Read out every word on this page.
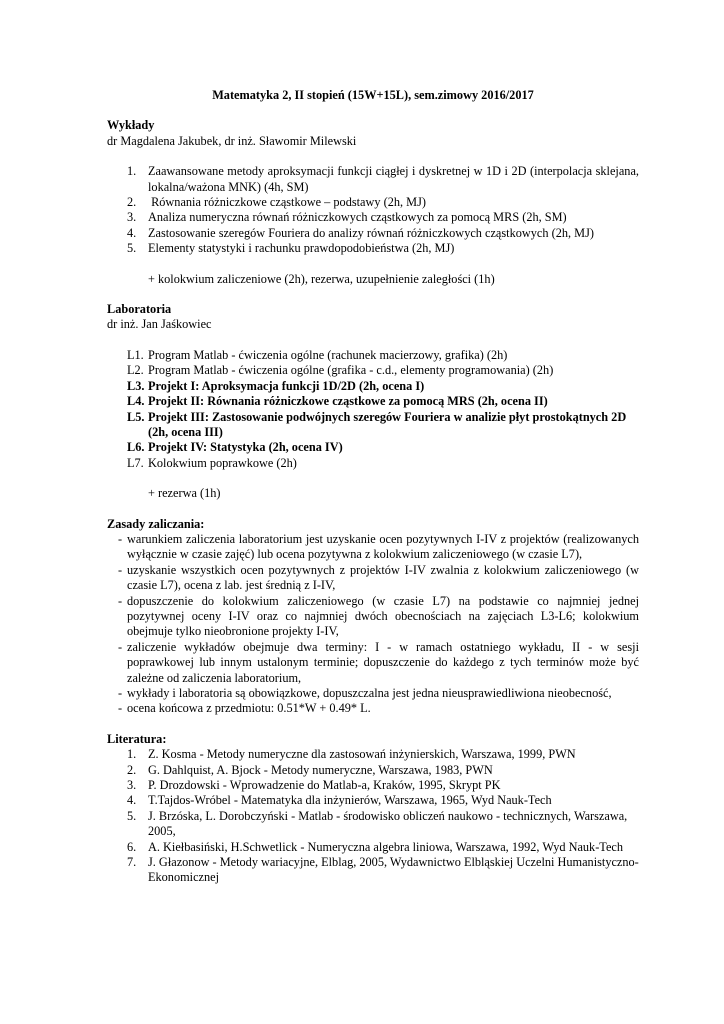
Matematyka 2, II stopień (15W+15L), sem.zimowy 2016/2017
Wykłady
dr Magdalena Jakubek, dr inż. Sławomir Milewski
1. Zaawansowane metody aproksymacji funkcji ciągłej i dyskretnej w 1D i 2D (interpolacja sklejana, lokalna/ważona MNK) (4h, SM)
2. Równania różniczkowe cząstkowe – podstawy (2h, MJ)
3. Analiza numeryczna równań różniczkowych cząstkowych za pomocą MRS (2h, SM)
4. Zastosowanie szeregów Fouriera do analizy równań różniczkowych cząstkowych (2h, MJ)
5. Elementy statystyki i rachunku prawdopodobieństwa (2h, MJ)
+ kolokwium zaliczeniowe (2h), rezerwa, uzupełnienie zaległości (1h)
Laboratoria
dr inż. Jan Jaśkowiec
L1. Program Matlab - ćwiczenia ogólne (rachunek macierzowy, grafika) (2h)
L2. Program Matlab - ćwiczenia ogólne (grafika - c.d., elementy programowania) (2h)
L3. Projekt I: Aproksymacja funkcji 1D/2D (2h, ocena I)
L4. Projekt II: Równania różniczkowe cząstkowe za pomocą MRS (2h, ocena II)
L5. Projekt III: Zastosowanie podwójnych szeregów Fouriera w analizie płyt prostokątnych 2D (2h, ocena III)
L6. Projekt IV: Statystyka (2h, ocena IV)
L7. Kolokwium poprawkowe (2h)
+ rezerwa (1h)
Zasady zaliczania:
- warunkiem zaliczenia laboratorium jest uzyskanie ocen pozytywnych I-IV z projektów (realizowanych wyłącznie w czasie zajęć) lub ocena pozytywna z kolokwium zaliczeniowego (w czasie L7),
- uzyskanie wszystkich ocen pozytywnych z projektów I-IV zwalnia z kolokwium zaliczeniowego (w czasie L7), ocena z lab. jest średnią z I-IV,
- dopuszczenie do kolokwium zaliczeniowego (w czasie L7) na podstawie co najmniej jednej pozytywnej oceny I-IV oraz co najmniej dwóch obecnościach na zajęciach L3-L6; kolokwium obejmuje tylko nieobronione projekty I-IV,
- zaliczenie wykładów obejmuje dwa terminy: I - w ramach ostatniego wykładu, II - w sesji poprawkowej lub innym ustalonym terminie; dopuszczenie do każdego z tych terminów może być zależne od zaliczenia laboratorium,
- wykłady i laboratoria są obowiązkowe, dopuszczalna jest jedna nieusprawiedliwiona nieobecność,
- ocena końcowa z przedmiotu: 0.51*W + 0.49* L.
Literatura:
1. Z. Kosma - Metody numeryczne dla zastosowań inżynierskich, Warszawa, 1999, PWN
2. G. Dahlquist, A. Bjock - Metody numeryczne, Warszawa, 1983, PWN
3. P. Drozdowski - Wprowadzenie do Matlab-a, Kraków, 1995, Skrypt PK
4. T.Tajdos-Wróbel - Matematyka dla inżynierów, Warszawa, 1965, Wyd Nauk-Tech
5. J. Brzóska, L. Dorobczyński - Matlab - środowisko obliczeń naukowo - technicznych, Warszawa, 2005,
6. A. Kiełbasiński, H.Schwetlick - Numeryczna algebra liniowa, Warszawa, 1992, Wyd Nauk-Tech
7. J. Głazonow - Metody wariacyjne, Elblag, 2005, Wydawnictwo Elbląskiej Uczelni Humanistyczno-Ekonomicznej
